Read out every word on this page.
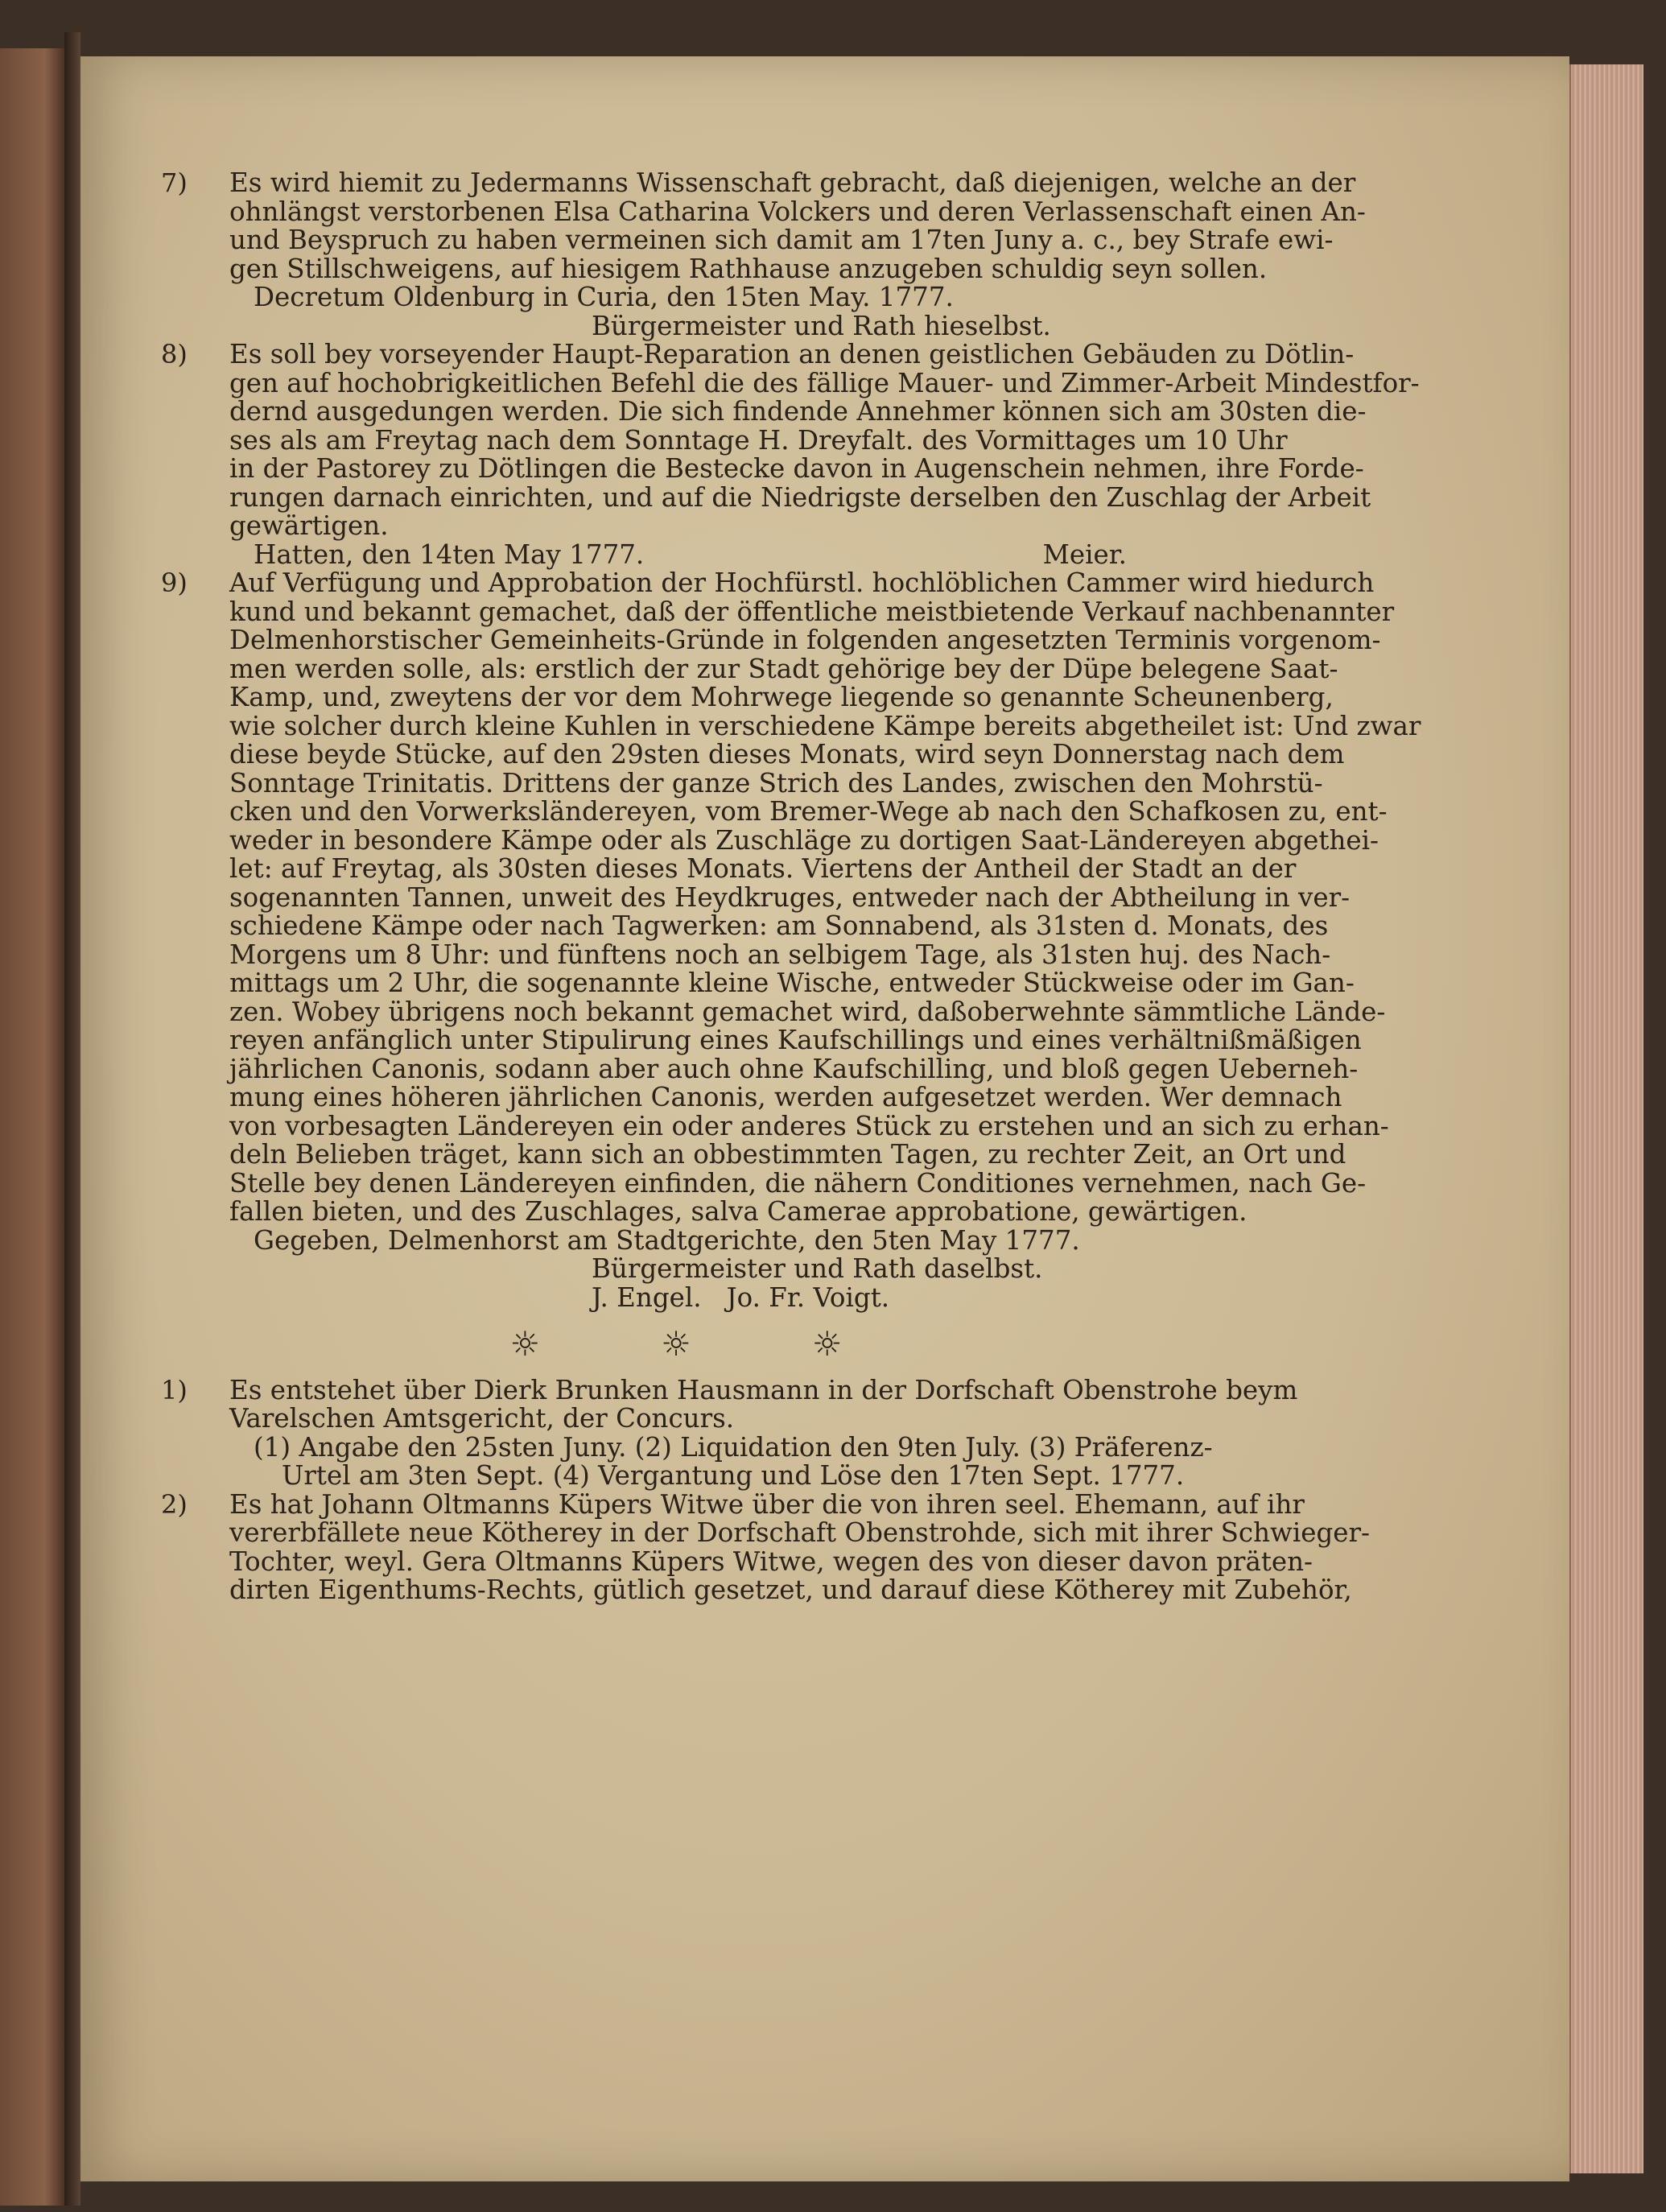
7) Es wird hiemit zu Jedermanns Wissenschaft gebracht, daß diejenigen, welche an der
ohnlängst verstorbenen Elsa Catharina Volckers und deren Verlassenschaft einen An-
und Beyspruch zu haben vermeinen sich damit am 17ten Juny a. c., bey Strafe ewi-
gen Stillschweigens, auf hiesigem Rathhause anzugeben schuldig seyn sollen.
Decretum Oldenburg in Curia, den 15ten May. 1777.
Bürgermeister und Rath hieselbst.
8) Es soll bey vorseyender Haupt-Reparation an denen geistlichen Gebäuden zu Dötlin-
gen auf hochobrigkeitlichen Befehl die des fällige Mauer- und Zimmer-Arbeit Mindestfor-
dernd ausgedungen werden. Die sich findende Annehmer können sich am 30sten die-
ses als am Freytag nach dem Sonntage H. Dreyfalt. des Vormittages um 10 Uhr
in der Pastorey zu Dötlingen die Bestecke davon in Augenschein nehmen, ihre Forde-
rungen darnach einrichten, und auf die Niedrigste derselben den Zuschlag der Arbeit
gewärtigen.
Hatten, den 14ten May 1777.	Meier.
9) Auf Verfügung und Approbation der Hochfürstl. hochlöblichen Cammer wird hiedurch
kund und bekannt gemachet, daß der öffentliche meistbietende Verkauf nachbenannter
Delmenhorstischer Gemeinheits-Gründe in folgenden angesetzten Terminis vorgenom-
men werden solle, als: erstlich der zur Stadt gehörige bey der Düpe belegene Saat-
Kamp, und, zweytens der vor dem Mohrwege liegende so genannte Scheunenberg,
wie solcher durch kleine Kuhlen in verschiedene Kämpe bereits abgetheilet ist: Und zwar
diese beyde Stücke, auf den 29sten dieses Monats, wird seyn Donnerstag nach dem
Sonntage Trinitatis. Drittens der ganze Strich des Landes, zwischen den Mohrstü-
cken und den Vorwerksländereyen, vom Bremer-Wege ab nach den Schafkosen zu, ent-
weder in besondere Kämpe oder als Zuschläge zu dortigen Saat-Ländereyen abgethei-
let: auf Freytag, als 30sten dieses Monats. Viertens der Antheil der Stadt an der
sogenannten Tannen, unweit des Heydkruges, entweder nach der Abtheilung in ver-
schiedene Kämpe oder nach Tagwerken: am Sonnabend, als 31sten d. Monats, des
Morgens um 8 Uhr: und fünftens noch an selbigem Tage, als 31sten huj. des Nach-
mittags um 2 Uhr, die sogenannte kleine Wische, entweder Stückweise oder im Gan-
zen. Wobey übrigens noch bekannt gemachet wird, daßoberwehnte sämmtliche Lände-
reyen anfänglich unter Stipulirung eines Kaufschillings und eines verhältnißmäßigen
jährlichen Canonis, sodann aber auch ohne Kaufschilling, und bloß gegen Ueberneh-
mung eines höheren jährlichen Canonis, werden aufgesetzet werden. Wer demnach
von vorbesagten Ländereyen ein oder anderes Stück zu erstehen und an sich zu erhan-
deln Belieben träget, kann sich an obbestimmten Tagen, zu rechter Zeit, an Ort und
Stelle bey denen Ländereyen einfinden, die nähern Conditiones vernehmen, nach Ge-
fallen bieten, und des Zuschlages, salva Camerae approbatione, gewärtigen.
Gegeben, Delmenhorst am Stadtgerichte, den 5ten May 1777.
Bürgermeister und Rath daselbst.
J. Engel.   Jo. Fr. Voigt.
☼	☼	☼
1) Es entstehet über Dierk Brunken Hausmann in der Dorfschaft Obenstrohe beym
Varelschen Amtsgericht, der Concurs.
(1) Angabe den 25sten Juny. (2) Liquidation den 9ten July. (3) Präferenz-
Urtel am 3ten Sept. (4) Vergantung und Löse den 17ten Sept. 1777.
2) Es hat Johann Oltmanns Küpers Witwe über die von ihren seel. Ehemann, auf ihr
vererbfällete neue Kötherey in der Dorfschaft Obenstrohde, sich mit ihrer Schwieger-
Tochter, weyl. Gera Oltmanns Küpers Witwe, wegen des von dieser davon präten-
dirten Eigenthums-Rechts, gütlich gesetzet, und darauf diese Kötherey mit Zubehör,
